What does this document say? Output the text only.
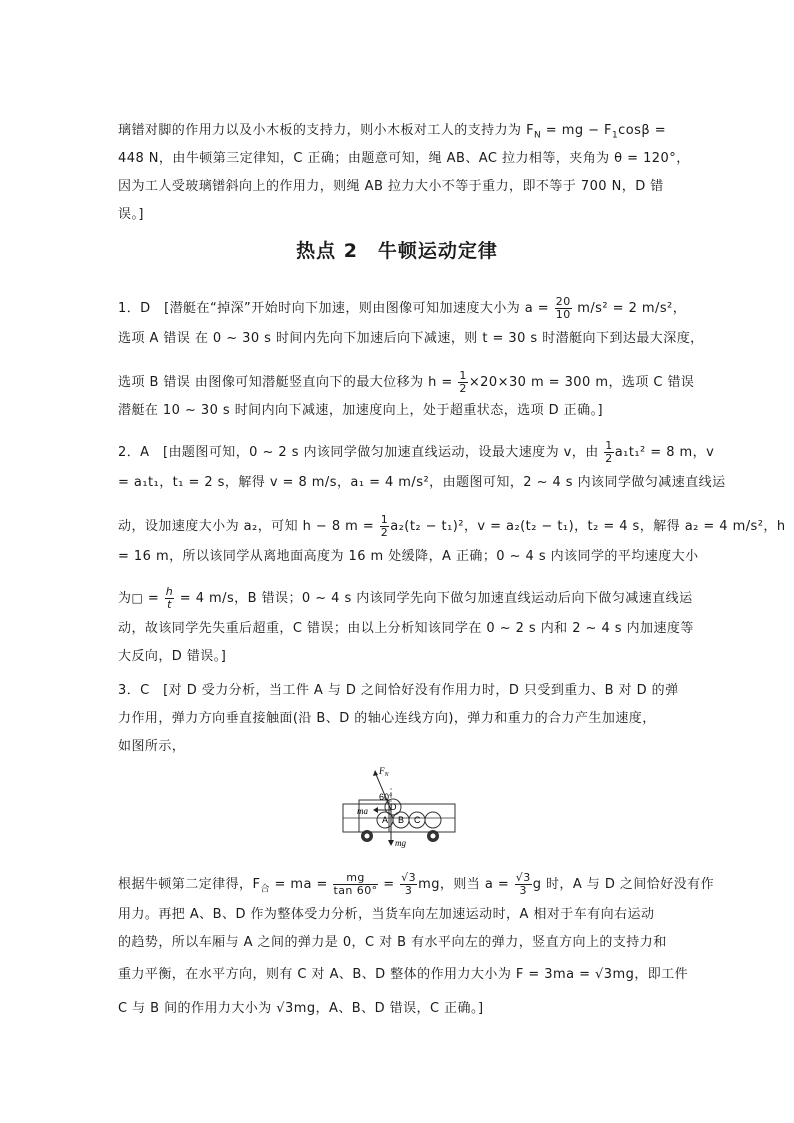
璃镨对脚的作用力以及小木板的支持力，则小木板对工人的支持力为 $F_N$ = mg − $F_1\cos\beta$ =
448 N，由牛顿第三定律知，C 正确；由题意可知，绳 AB、AC 拉力相等，夹角为 θ = 120°，
因为工人受玻璃镨斜向上的作用力，则绳 AB 拉力大小不等于重力，即不等于 700 N，D 错
误。]
热点 2　牛顿运动定律
1．D　[潜艇在“掉深”开始时向下加速，则由图像可知加速度大小为 $a = \frac{20}{10} m/s^2 = 2$ m/s²，
选项 A 错误 在 0 ~ 30 s 时间内先向下加速后向下减速，则 t = 30 s 时潜艇向下到达最大深度，
选项 B 错误 由图像可知潜艇竖直向下的最大位移为 $h = \frac{1}{2} \times 20\times 30$ m = 300 m，选项 C 错误
潜艇在 10 ~ 30 s 时间内向下减速，加速度向上，处于超重状态，选项 D 正确。]
2．A　[由题图可知，0 ~ 2 s 内该同学做匀加速直线运动，设最大速度为 v，由 $\frac{1}{2} a_1t_1^2 = 8$ m，v
= a₁t₁，t₁ = 2 s，解得 v = 8 m/s，a₁ = 4 m/s²，由题图可知，2 ~ 4 s 内该同学做匀减速直线运
动，设加速度大小为 a₂，可知 h − 8 $m = \frac{1}{2} a_2(t_2 - t_1)^2$，v = a₂(t₂ − t₁)，t₂ = 4 s，解得 a₂ = 4 m/s²，h
= 16 m，所以该同学从离地面高度为 16 m 处缓降，A 正确；0 ~ 4 s 内该同学的平均速度大小
为□ = $\frac{h}{t} = 4$ m/s，B 错误；0 ~ 4 s 内该同学先向下做匀加速直线运动后向下做匀减速直线运
动，故该同学先失重后超重，C 错误；由以上分析知该同学在 0 ~ 2 s 内和 2 ~ 4 s 内加速度等
大反向，D 错误。]
3．C　[对 D 受力分析，当工件 A 与 D 之间恰好没有作用力时，D 只受到重力、B 对 D 的弹
力作用，弹力方向垂直接触面(沿 B、D 的轴心连线方向)，弹力和重力的合力产生加速度，
如图所示，
$F_N$
60°
ma
mg
A B C
D
根据牛顿第二定律得，$F_合$ = ma = $\frac{mg}{\tan 60^\circ} = \frac{√3}{3}$ mg，则当 $a = \frac{√3}{3}$ g 时，A 与 D 之间恰好没有作
用力。再把 A、B、D 作为整体受力分析，当货车向左加速运动时，A 相对于车有向右运动
的趋势，所以车厢与 A 之间的弹力是 0，C 对 B 有水平向左的弹力，竖直方向上的支持力和
重力平衡，在水平方向，则有 C 对 A、B、D 整体的作用力大小为 F = 3ma = √3mg，即工件
C 与 B 间的作用力大小为 √3mg，A、B、D 错误，C 正确。]
